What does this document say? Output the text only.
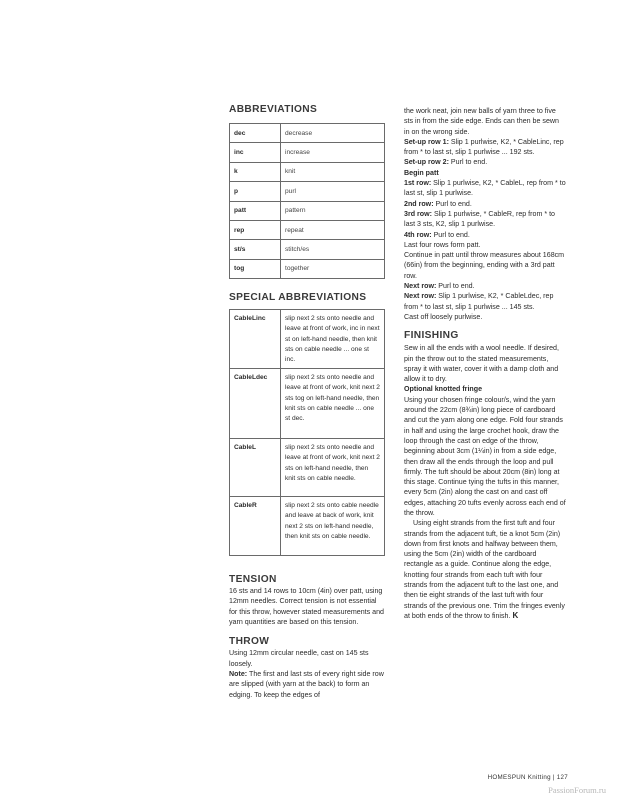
ABBREVIATIONS
dec	decrease
inc	increase
k	knit
p	purl
patt	pattern
rep	repeat
st/s	stitch/es
tog	together
SPECIAL ABBREVIATIONS
CableLinc	slip next 2 sts onto needle and leave at front of work, inc in next st on left-hand needle, then knit sts on cable needle ... one st inc.
CableLdec	slip next 2 sts onto needle and leave at front of work, knit next 2 sts tog on left-hand needle, then knit sts on cable needle ... one st dec.
CableL	slip next 2 sts onto needle and leave at front of work, knit next 2 sts on left-hand needle, then knit sts on cable needle.
CableR	slip next 2 sts onto cable needle and leave at back of work, knit next 2 sts on left-hand needle, then knit sts on cable needle.
TENSION

16 sts and 14 rows to 10cm (4in) over patt, using 12mm needles. Correct tension is not essential for this throw, however stated measurements and yarn quantities are based on this tension.

THROW

Using 12mm circular needle, cast on 145 sts loosely.

Note: The first and last sts of every right side row are slipped (with yarn at the back) to form an edging. To keep the edges of

the work neat, join new balls of yarn three to five sts in from the side edge. Ends can then be sewn in on the wrong side.

Set-up row 1: Slip 1 purlwise, K2, * CableLinc, rep from * to last st, slip 1 purlwise ... 192 sts.

Set-up row 2: Purl to end.

Begin patt

1st row: Slip 1 purlwise, K2, * CableL, rep from * to last st, slip 1 purlwise.

2nd row: Purl to end.

3rd row: Slip 1 purlwise, * CableR, rep from * to last 3 sts, K2, slip 1 purlwise.

4th row: Purl to end.

Last four rows form patt.

Continue in patt until throw measures about 168cm (66in) from the beginning, ending with a 3rd patt row.

Next row: Purl to end.

Next row: Slip 1 purlwise, K2, * CableLdec, rep from * to last st, slip 1 purlwise ... 145 sts.

Cast off loosely purlwise.

FINISHING

Sew in all the ends with a wool needle. If desired, pin the throw out to the stated measurements, spray it with water, cover it with a damp cloth and allow it to dry.

Optional knotted fringe

Using your chosen fringe colour/s, wind the yarn around the 22cm (8¾in) long piece of cardboard and cut the yarn along one edge. Fold four strands in half and using the large crochet hook, draw the loop through the cast on edge of the throw, beginning about 3cm (1¼in) in from a side edge, then draw all the ends through the loop and pull firmly. The tuft should be about 20cm (8in) long at this stage. Continue tying the tufts in this manner, every 5cm (2in) along the cast on and cast off edges, attaching 20 tufts evenly across each end of the throw.

Using eight strands from the first tuft and four strands from the adjacent tuft, tie a knot 5cm (2in) down from first knots and halfway between them, using the 5cm (2in) width of the cardboard rectangle as a guide. Continue along the edge, knotting four strands from each tuft with four strands from the adjacent tuft to the last one, and then tie eight strands of the last tuft with four strands of the previous one. Trim the fringes evenly at both ends of the throw to finish. K

HOMESPUN Knitting | 127
PassionForum.ru
